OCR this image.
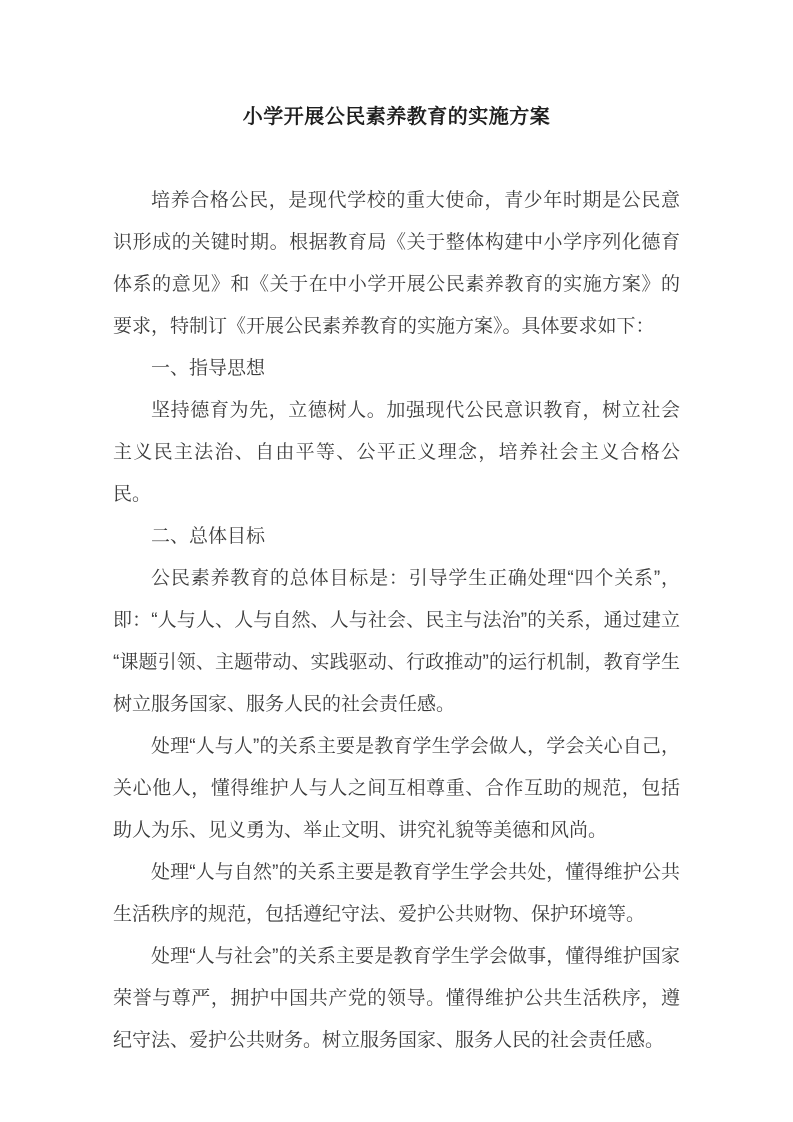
小学开展公民素养教育的实施方案

培养合格公民，是现代学校的重大使命，青少年时期是公民意识形成的关键时期。根据教育局《关于整体构建中小学序列化德育体系的意见》和《关于在中小学开展公民素养教育的实施方案》的要求，特制订《开展公民素养教育的实施方案》。具体要求如下：

一、指导思想

坚持德育为先，立德树人。加强现代公民意识教育，树立社会主义民主法治、自由平等、公平正义理念，培养社会主义合格公民。

二、总体目标

公民素养教育的总体目标是：引导学生正确处理“四个关系”，即：“人与人、人与自然、人与社会、民主与法治”的关系，通过建立“课题引领、主题带动、实践驱动、行政推动”的运行机制，教育学生树立服务国家、服务人民的社会责任感。

处理“人与人”的关系主要是教育学生学会做人，学会关心自己，关心他人，懂得维护人与人之间互相尊重、合作互助的规范，包括助人为乐、见义勇为、举止文明、讲究礼貌等美德和风尚。

处理“人与自然”的关系主要是教育学生学会共处，懂得维护公共生活秩序的规范，包括遵纪守法、爱护公共财物、保护环境等。

处理“人与社会”的关系主要是教育学生学会做事，懂得维护国家荣誉与尊严，拥护中国共产党的领导。懂得维护公共生活秩序，遵纪守法、爱护公共财务。树立服务国家、服务人民的社会责任感。
